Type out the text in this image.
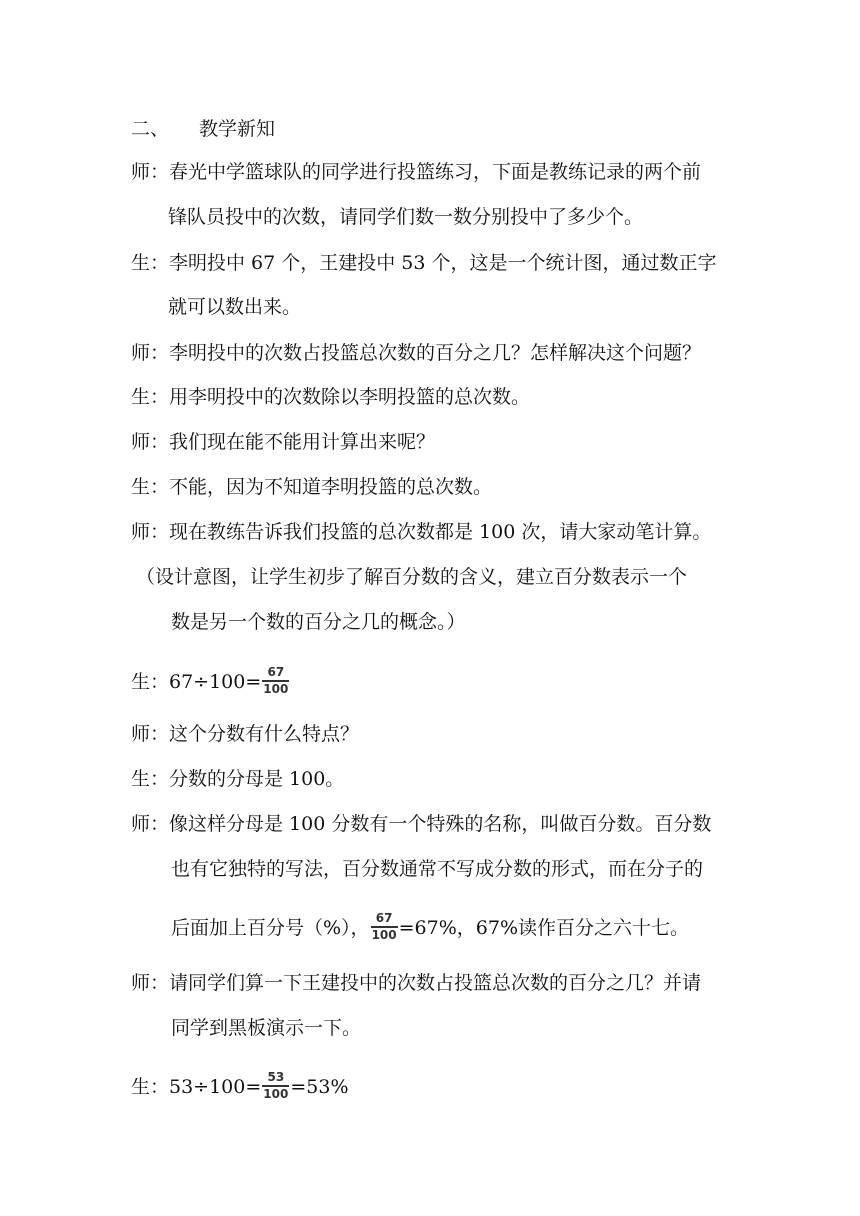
二、 教学新知
师：春光中学篮球队的同学进行投篮练习，下面是教练记录的两个前
锋队员投中的次数，请同学们数一数分别投中了多少个。
生：李明投中 67 个，王建投中 53 个，这是一个统计图，通过数正字
就可以数出来。
师：李明投中的次数占投篮总次数的百分之几？怎样解决这个问题？
生：用李明投中的次数除以李明投篮的总次数。
师：我们现在能不能用计算出来呢？
生：不能，因为不知道李明投篮的总次数。
师：现在教练告诉我们投篮的总次数都是 100 次，请大家动笔计算。
（设计意图，让学生初步了解百分数的含义，建立百分数表示一个
数是另一个数的百分之几的概念。）
生：$67\div 100= \frac{67}{100}$
师：这个分数有什么特点？
生：分数的分母是 100。
师：像这样分母是 100 分数有一个特殊的名称，叫做百分数。百分数
也有它独特的写法，百分数通常不写成分数的形式，而在分子的
后面加上百分号（%）， $\frac{67}{100} =67\%$，67%读作百分之六十七。
师：请同学们算一下王建投中的次数占投篮总次数的百分之几？并请
同学到黑板演示一下。
生：$53\div 100= \frac{53}{100} =53\%$
